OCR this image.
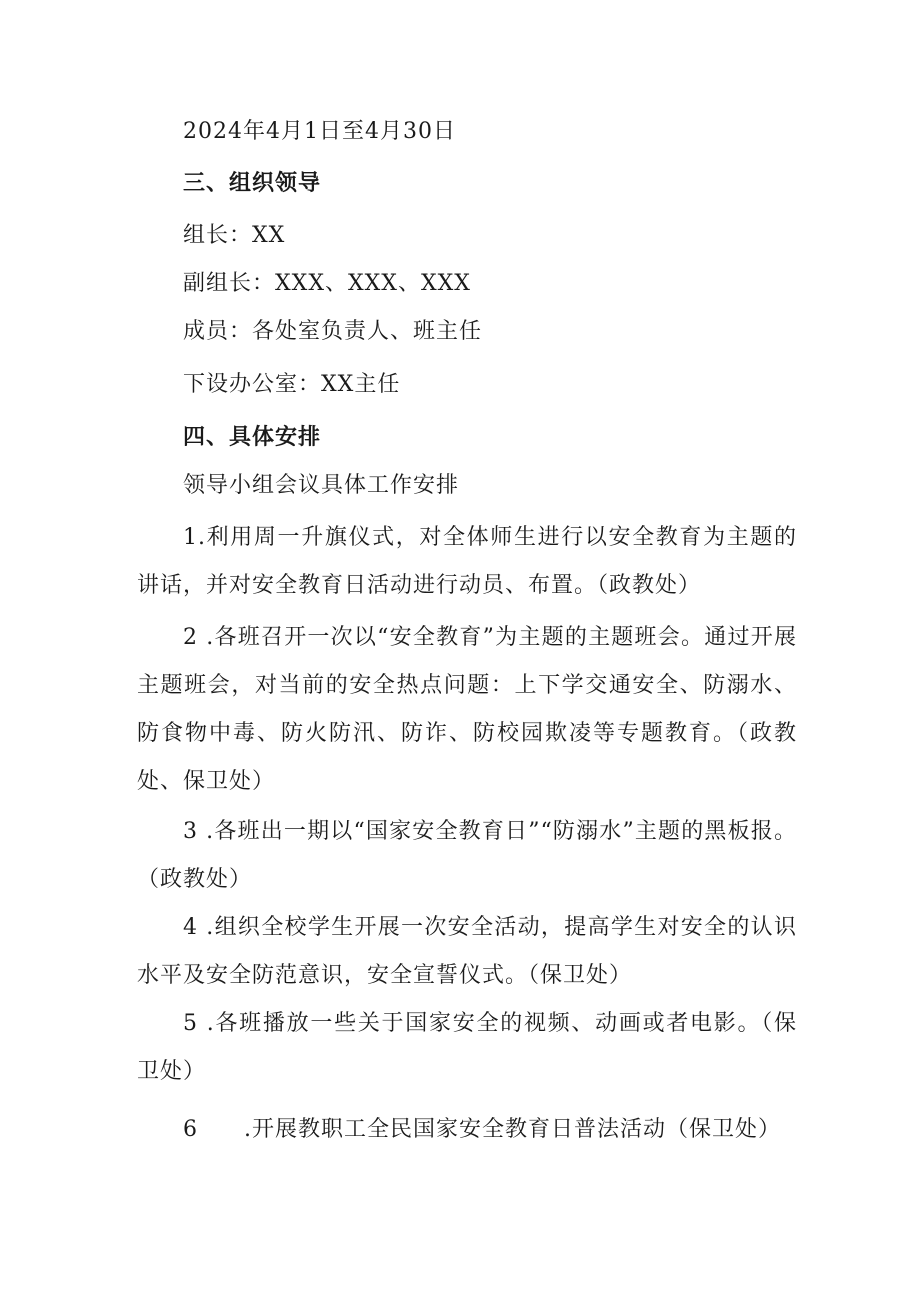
2024年4月1日至4月30日
三、组织领导
组长：XX
副组长：XXX、XXX、XXX
成员：各处室负责人、班主任
下设办公室：XX主任
四、具体安排
领导小组会议具体工作安排
1.利用周一升旗仪式，对全体师生进行以安全教育为主题的讲话，并对安全教育日活动进行动员、布置。（政教处）
2 .各班召开一次以“安全教育”为主题的主题班会。通过开展主题班会，对当前的安全热点问题：上下学交通安全、防溺水、防食物中毒、防火防汛、防诈、防校园欺凌等专题教育。（政教处、保卫处）
3 .各班出一期以“国家安全教育日”“防溺水”主题的黑板报。（政教处）
4 .组织全校学生开展一次安全活动，提高学生对安全的认识水平及安全防范意识，安全宣誓仪式。（保卫处）
5 .各班播放一些关于国家安全的视频、动画或者电影。（保卫处）
6　　.开展教职工全民国家安全教育日普法活动（保卫处）
